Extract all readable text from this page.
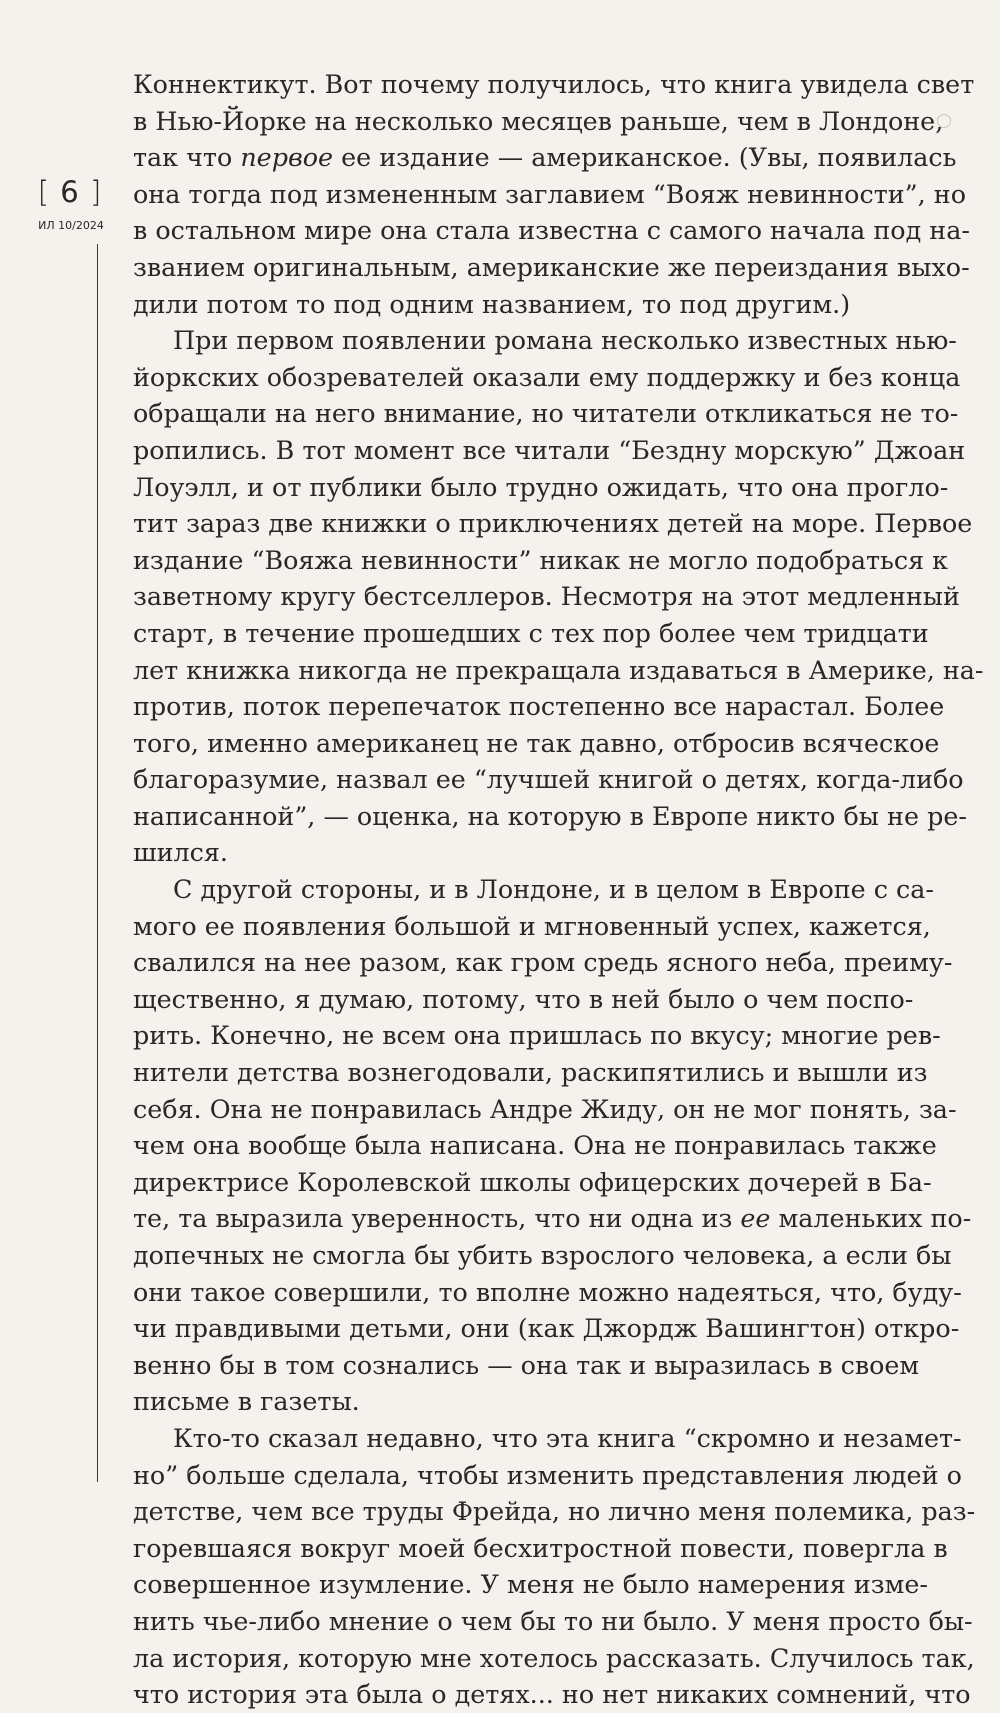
[ 6 ]
ИЛ 10/2024
Коннектикут. Вот почему получилось, что книга увидела свет
в Нью-Йорке на несколько месяцев раньше, чем в Лондоне,
так что первое ее издание — американское. (Увы, появилась
она тогда под измененным заглавием “Вояж невинности”, но
в остальном мире она стала известна с самого начала под на-
званием оригинальным, американские же переиздания выхо-
дили потом то под одним названием, то под другим.)
При первом появлении романа несколько известных нью-
йоркских обозревателей оказали ему поддержку и без конца
обращали на него внимание, но читатели откликаться не то-
ропились. В тот момент все читали “Бездну морскую” Джоан
Лоуэлл, и от публики было трудно ожидать, что она прогло-
тит зараз две книжки о приключениях детей на море. Первое
издание “Вояжа невинности” никак не могло подобраться к
заветному кругу бестселлеров. Несмотря на этот медленный
старт, в течение прошедших с тех пор более чем тридцати
лет книжка никогда не прекращала издаваться в Америке, на-
против, поток перепечаток постепенно все нарастал. Более
того, именно американец не так давно, отбросив всяческое
благоразумие, назвал ее “лучшей книгой о детях, когда-либо
написанной”, — оценка, на которую в Европе никто бы не ре-
шился.
С другой стороны, и в Лондоне, и в целом в Европе с са-
мого ее появления большой и мгновенный успех, кажется,
свалился на нее разом, как гром средь ясного неба, преиму-
щественно, я думаю, потому, что в ней было о чем поспо-
рить. Конечно, не всем она пришлась по вкусу; многие рев-
нители детства вознегодовали, раскипятились и вышли из
себя. Она не понравилась Андре Жиду, он не мог понять, за-
чем она вообще была написана. Она не понравилась также
директрисе Королевской школы офицерских дочерей в Ба-
те, та выразила уверенность, что ни одна из ее маленьких по-
допечных не смогла бы убить взрослого человека, а если бы
они такое совершили, то вполне можно надеяться, что, буду-
чи правдивыми детьми, они (как Джордж Вашингтон) откро-
венно бы в том сознались — она так и выразилась в своем
письме в газеты.
Кто-то сказал недавно, что эта книга “скромно и незамет-
но” больше сделала, чтобы изменить представления людей о
детстве, чем все труды Фрейда, но лично меня полемика, раз-
горевшаяся вокруг моей бесхитростной повести, повергла в
совершенное изумление. У меня не было намерения изме-
нить чье-либо мнение о чем бы то ни было. У меня просто бы-
ла история, которую мне хотелось рассказать. Случилось так,
что история эта была о детях... но нет никаких сомнений, что
